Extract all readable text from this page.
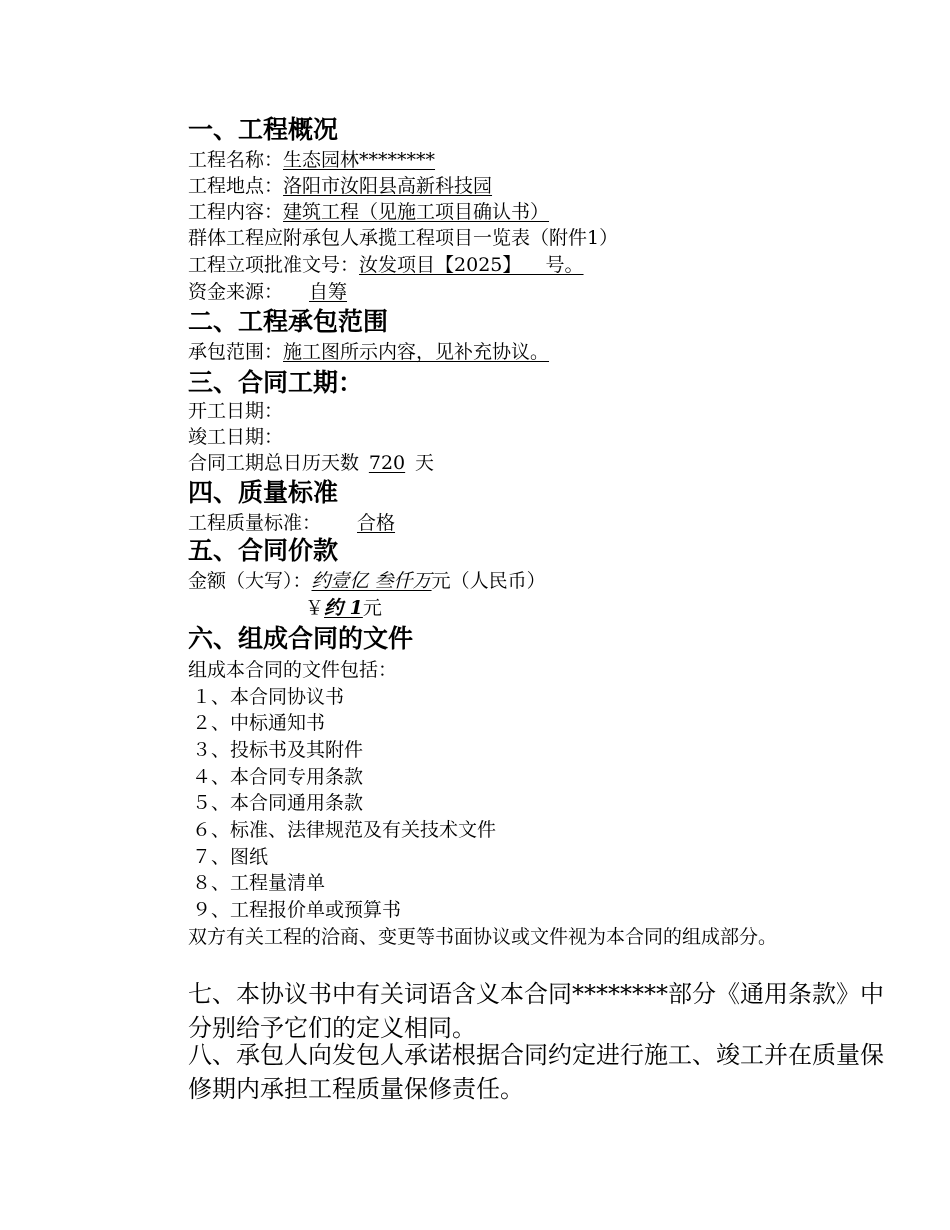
一、工程概况
工程名称：生态园林********
工程地点：洛阳市汝阳县高新科技园
工程内容：建筑工程（见施工项目确认书）
群体工程应附承包人承揽工程项目一览表（附件1）
工程立项批准文号：汝发项目【2025】    号。
资金来源： 自筹
二、工程承包范围
承包范围：施工图所示内容，见补充协议。
三、合同工期：
开工日期：
竣工日期：
合同工期总日历天数 720 天
四、质量标准
工程质量标准： 合格
五、合同价款
金额（大写）：约壹亿 叁仟万元（人民币）
￥约 1元
六、组成合同的文件
组成本合同的文件包括：
１、本合同协议书
２、中标通知书
３、投标书及其附件
４、本合同专用条款
５、本合同通用条款
６、标准、法律规范及有关技术文件
７、图纸
８、工程量清单
９、工程报价单或预算书
双方有关工程的洽商、变更等书面协议或文件视为本合同的组成部分。
七、本协议书中有关词语含义本合同********部分《通用条款》中分别给予它们的定义相同。
八、承包人向发包人承诺根据合同约定进行施工、竣工并在质量保修期内承担工程质量保修责任。
